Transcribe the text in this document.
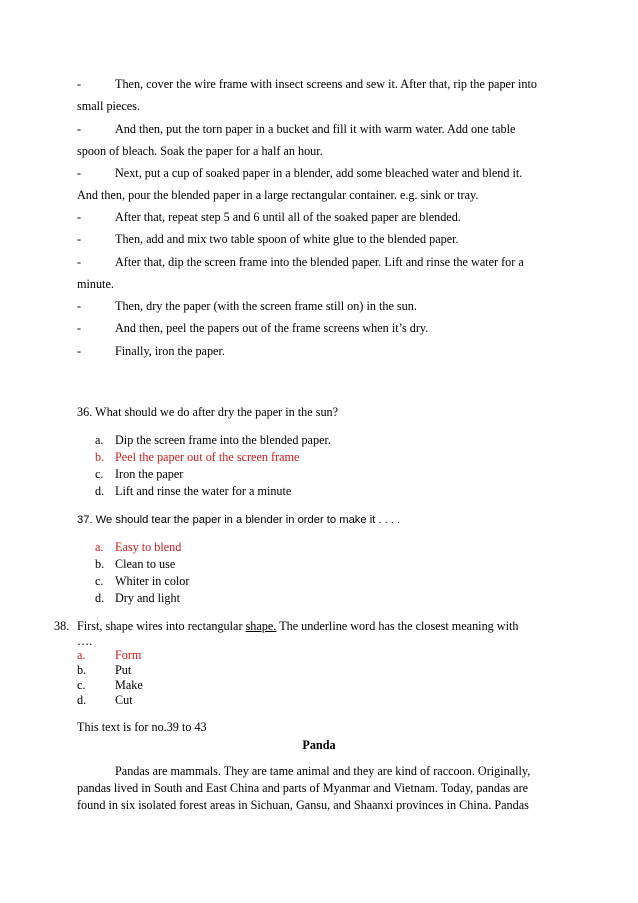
-	Then, cover the wire frame with insect screens and sew it. After that, rip the paper into
small pieces.
-	And then, put the torn paper in a bucket and fill it with warm water. Add one table
spoon of bleach. Soak the paper for a half an hour.
-	Next, put a cup of soaked paper in a blender, add some bleached water and blend it.
And then, pour the blended paper in a large rectangular container. e.g. sink or tray.
-	After that, repeat step 5 and 6 until all of the soaked paper are blended.
-	Then, add and mix two table spoon of white glue to the blended paper.
-	After that, dip the screen frame into the blended paper. Lift and rinse the water for a
minute.
-	Then, dry the paper (with the screen frame still on) in the sun.
-	And then, peel the papers out of the frame screens when it’s dry.
-	Finally, iron the paper.
36. What should we do after dry the paper in the sun?
a. Dip the screen frame into the blended paper.
b. Peel the paper out of the screen frame
c. Iron the paper
d. Lift and rinse the water for a minute
37. We should tear the paper in a blender in order to make it . . . .
a. Easy to blend
b. Clean to use
c. Whiter in color
d. Dry and light
38. First, shape wires into rectangular shape. The underline word has the closest meaning with
….
a. Form
b. Put
c. Make
d. Cut
This text is for no.39 to 43
Panda
Pandas are mammals. They are tame animal and they are kind of raccoon. Originally,
pandas lived in South and East China and parts of Myanmar and Vietnam. Today, pandas are
found in six isolated forest areas in Sichuan, Gansu, and Shaanxi provinces in China. Pandas
